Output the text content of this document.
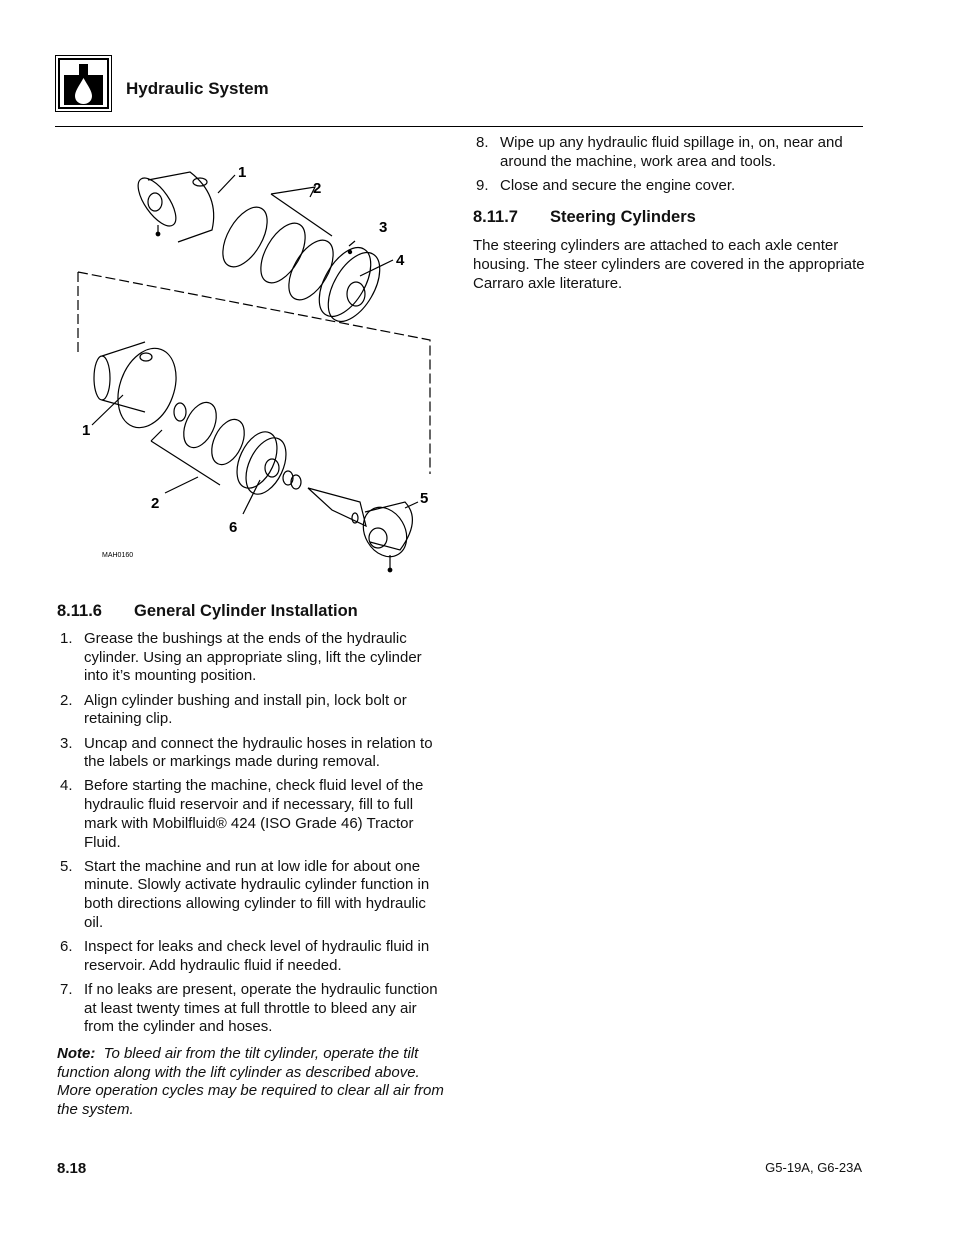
Hydraulic System
1
2
3
4
1
2
6
5
MAH0160
8.11.6	General Cylinder Installation
1. Grease the bushings at the ends of the hydraulic cylinder. Using an appropriate sling, lift the cylinder into it’s mounting position.
2. Align cylinder bushing and install pin, lock bolt or retaining clip.
3. Uncap and connect the hydraulic hoses in relation to the labels or markings made during removal.
4. Before starting the machine, check fluid level of the hydraulic fluid reservoir and if necessary, fill to full mark with Mobilfluid® 424 (ISO Grade 46) Tractor Fluid.
5. Start the machine and run at low idle for about one minute. Slowly activate hydraulic cylinder function in both directions allowing cylinder to fill with hydraulic oil.
6. Inspect for leaks and check level of hydraulic fluid in reservoir. Add hydraulic fluid if needed.
7. If no leaks are present, operate the hydraulic function at least twenty times at full throttle to bleed any air from the cylinder and hoses.
Note: To bleed air from the tilt cylinder, operate the tilt function along with the lift cylinder as described above. More operation cycles may be required to clear all air from the system.
8. Wipe up any hydraulic fluid spillage in, on, near and around the machine, work area and tools.
9. Close and secure the engine cover.
8.11.7	Steering Cylinders

The steering cylinders are attached to each axle center housing. The steer cylinders are covered in the appropriate Carraro axle literature.

8.18	G5-19A, G6-23A
